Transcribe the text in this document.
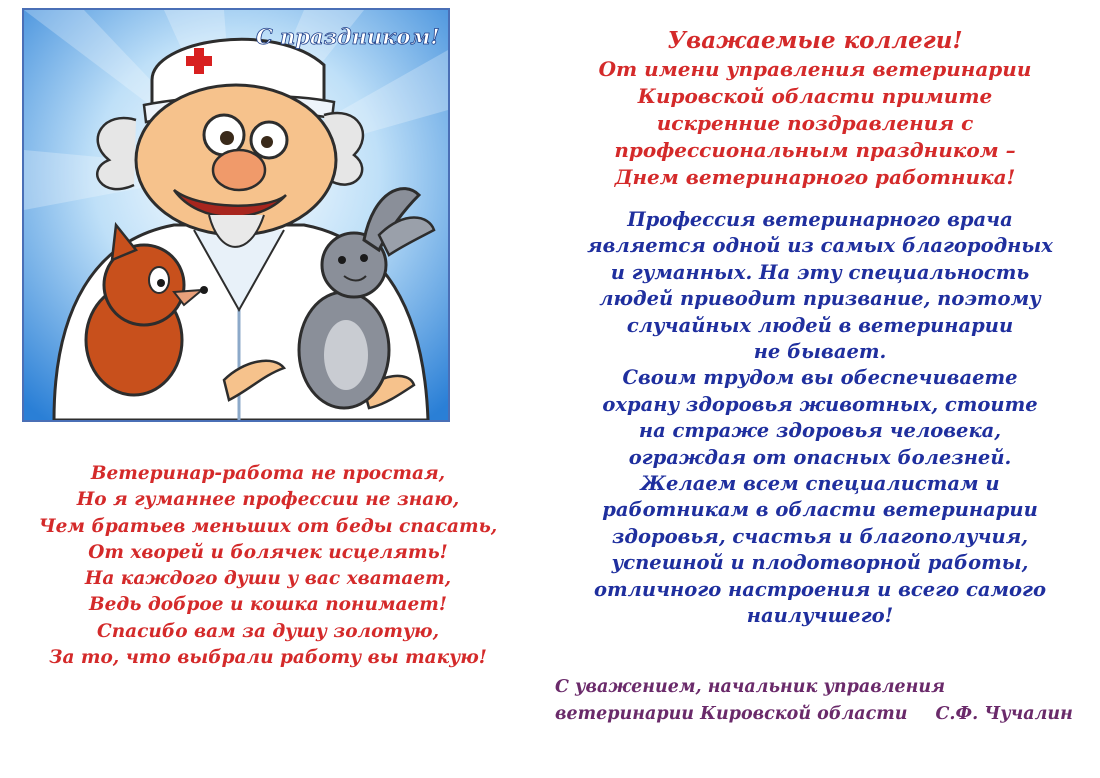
С праздником!	Уважаемые коллеги!
От имени управления ветеринарии
Кировской области примите
искренние поздравления с
профессиональным праздником –
Днем ветеринарного работника!
Профессия ветеринарного врача
является одной из самых благородных
и гуманных. На эту специальность
людей приводит призвание, поэтому
случайных людей в ветеринарии
не бывает.
Своим трудом вы обеспечиваете
охрану здоровья животных, стоите
на страже здоровья человека,
ограждая от опасных болезней.
Желаем всем специалистам и
работникам в области ветеринарии
здоровья, счастья и благополучия,
успешной и плодотворной работы,
отличного настроения и всего самого
наилучшего!
Ветеринар-работа не простая,
Но я гуманнее профессии не знаю,
Чем братьев меньших от беды спасать,
От хворей и болячек исцелять!
На каждого души у вас хватает,
Ведь доброе и кошка понимает!
Спасибо вам за душу золотую,
За то, что выбрали работу вы такую!
С уважением, начальник управления
ветеринарии Кировской области С.Ф. Чучалин
